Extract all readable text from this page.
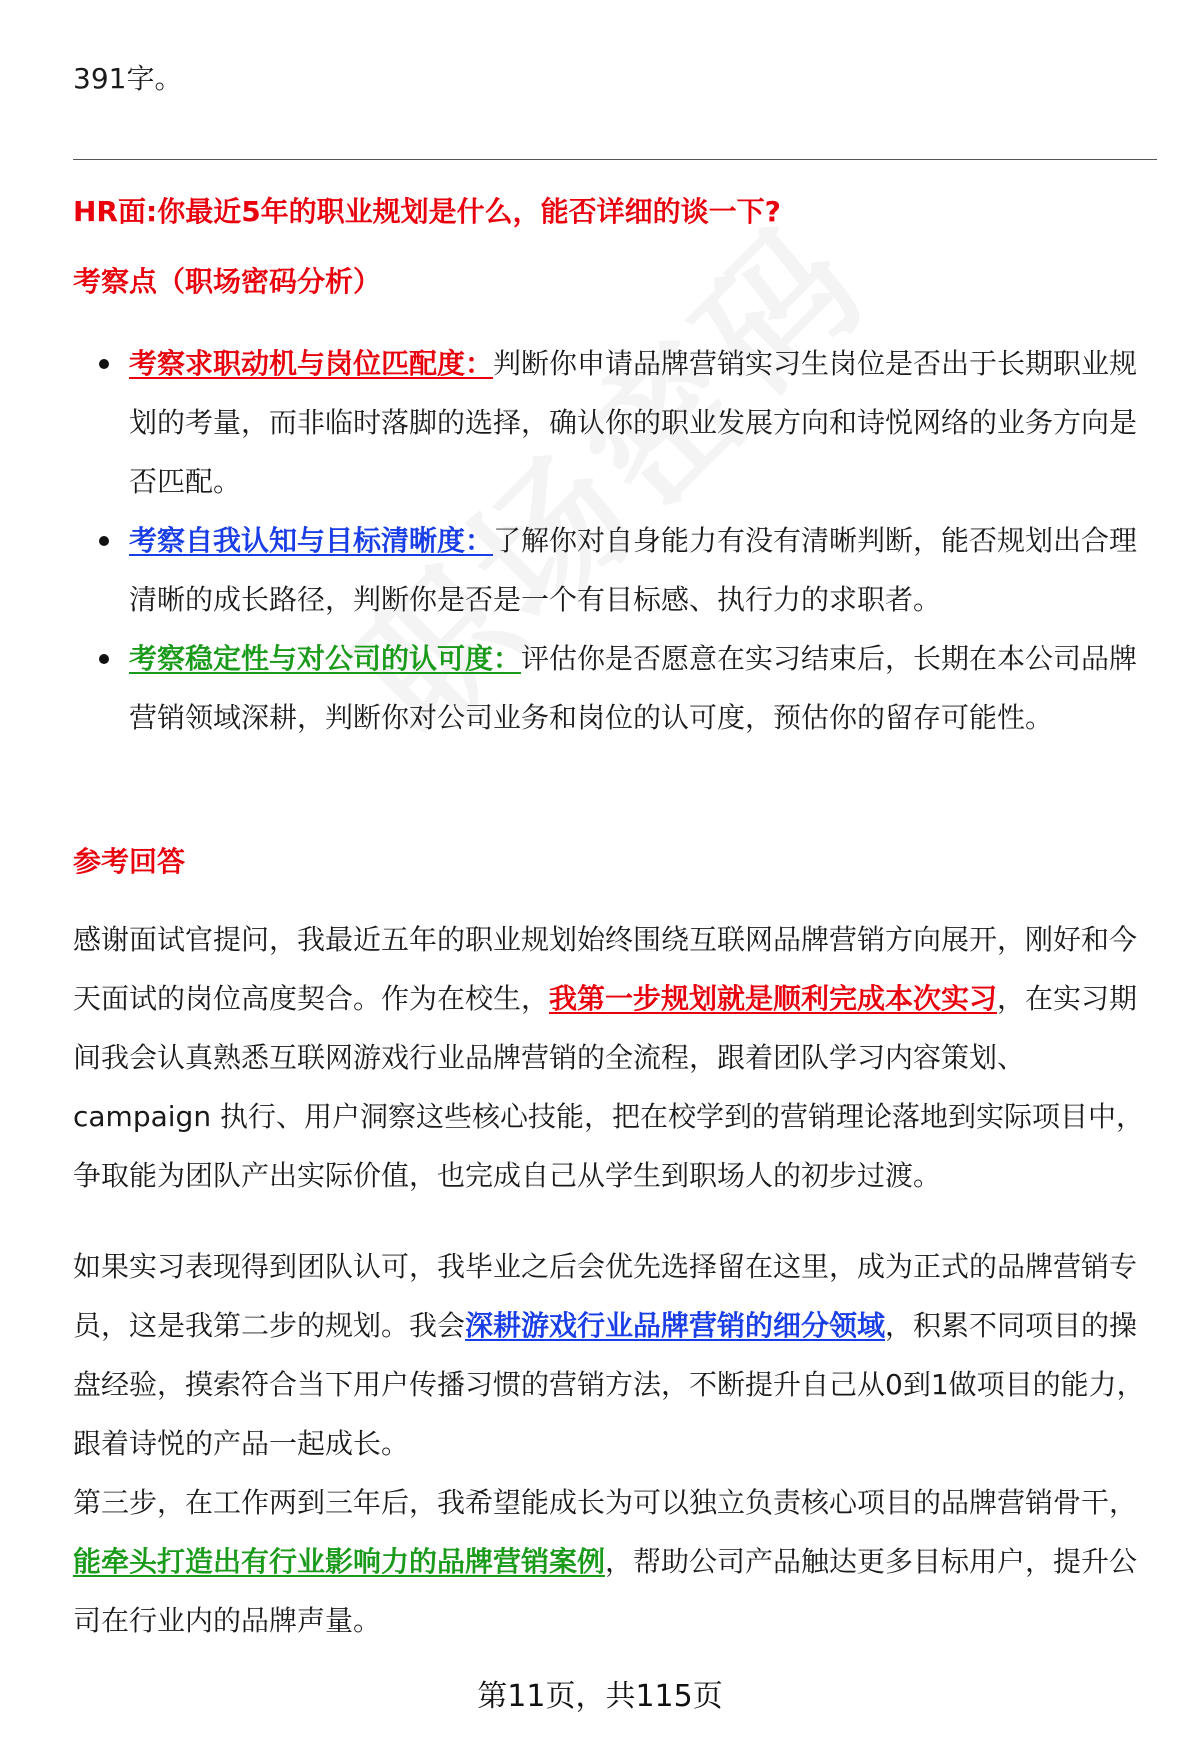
391字。
HR面:你最近5年的职业规划是什么，能否详细的谈一下?
考察点（职场密码分析）
考察求职动机与岗位匹配度：判断你申请品牌营销实习生岗位是否出于长期职业规划的考量，而非临时落脚的选择，确认你的职业发展方向和诗悦网络的业务方向是否匹配。
考察自我认知与目标清晰度：了解你对自身能力有没有清晰判断，能否规划出合理清晰的成长路径，判断你是否是一个有目标感、执行力的求职者。
考察稳定性与对公司的认可度：评估你是否愿意在实习结束后，长期在本公司品牌营销领域深耕，判断你对公司业务和岗位的认可度，预估你的留存可能性。
参考回答

感谢面试官提问，我最近五年的职业规划始终围绕互联网品牌营销方向展开，刚好和今天面试的岗位高度契合。作为在校生，我第一步规划就是顺利完成本次实习，在实习期间我会认真熟悉互联网游戏行业品牌营销的全流程，跟着团队学习内容策划、 campaign 执行、用户洞察这些核心技能，把在校学到的营销理论落地到实际项目中，争取能为团队产出实际价值，也完成自己从学生到职场人的初步过渡。

如果实习表现得到团队认可，我毕业之后会优先选择留在这里，成为正式的品牌营销专员，这是我第二步的规划。我会深耕游戏行业品牌营销的细分领域，积累不同项目的操盘经验，摸索符合当下用户传播习惯的营销方法，不断提升自己从0到1做项目的能力，跟着诗悦的产品一起成长。

第三步，在工作两到三年后，我希望能成长为可以独立负责核心项目的品牌营销骨干，能牵头打造出有行业影响力的品牌营销案例，帮助公司产品触达更多目标用户，提升公司在行业内的品牌声量。

第11页，共115页
